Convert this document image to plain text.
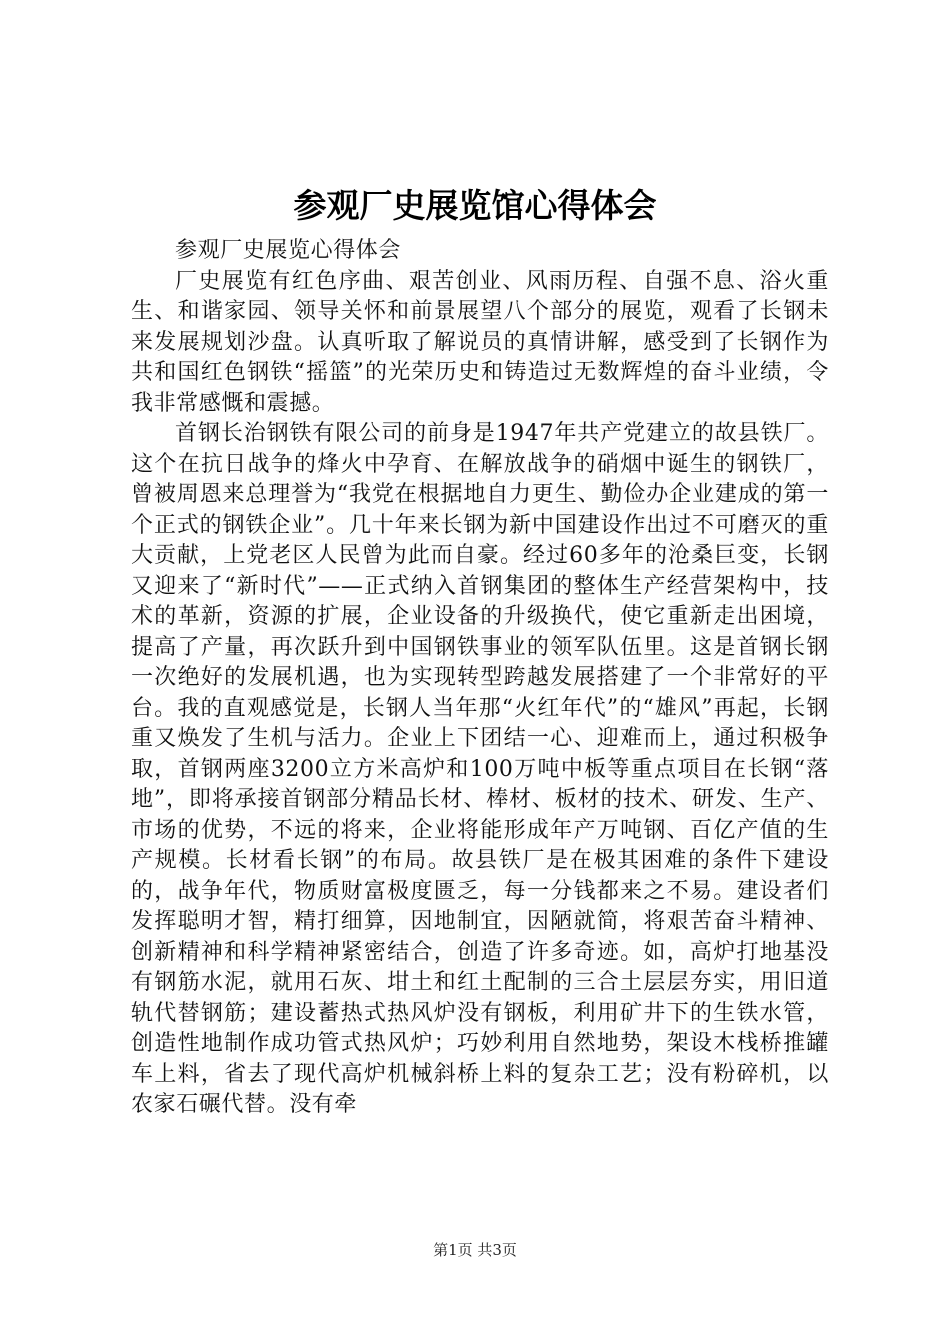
参观厂史展览馆心得体会

参观厂史展览心得体会

厂史展览有红色序曲、艰苦创业、风雨历程、自强不息、浴火重生、和谐家园、领导关怀和前景展望八个部分的展览，观看了长钢未来发展规划沙盘。认真听取了解说员的真情讲解，感受到了长钢作为共和国红色钢铁“摇篮”的光荣历史和铸造过无数辉煌的奋斗业绩，令我非常感慨和震撼。

首钢长治钢铁有限公司的前身是1947年共产党建立的故县铁厂。这个在抗日战争的烽火中孕育、在解放战争的硝烟中诞生的钢铁厂，曾被周恩来总理誉为“我党在根据地自力更生、勤俭办企业建成的第一个正式的钢铁企业”。几十年来长钢为新中国建设作出过不可磨灭的重大贡献，上党老区人民曾为此而自豪。经过60多年的沧桑巨变，长钢又迎来了“新时代”——正式纳入首钢集团的整体生产经营架构中，技术的革新，资源的扩展，企业设备的升级换代，使它重新走出困境，提高了产量，再次跃升到中国钢铁事业的领军队伍里。这是首钢长钢一次绝好的发展机遇，也为实现转型跨越发展搭建了一个非常好的平台。我的直观感觉是，长钢人当年那“火红年代”的“雄风”再起，长钢重又焕发了生机与活力。企业上下团结一心、迎难而上，通过积极争取，首钢两座3200立方米高炉和100万吨中板等重点项目在长钢“落地”，即将承接首钢部分精品长材、棒材、板材的技术、研发、生产、市场的优势，不远的将来，企业将能形成年产万吨钢、百亿产值的生产规模。长材看长钢”的布局。故县铁厂是在极其困难的条件下建设的，战争年代，物质财富极度匮乏，每一分钱都来之不易。建设者们发挥聪明才智，精打细算，因地制宜，因陋就简，将艰苦奋斗精神、创新精神和科学精神紧密结合，创造了许多奇迹。如，高炉打地基没有钢筋水泥，就用石灰、坩土和红土配制的三合土层层夯实，用旧道轨代替钢筋；建设蓄热式热风炉没有钢板，利用矿井下的生铁水管，创造性地制作成功管式热风炉；巧妙利用自然地势，架设木栈桥推罐车上料，省去了现代高炉机械斜桥上料的复杂工艺；没有粉碎机，以农家石碾代替。没有牵

第1页 共3页
